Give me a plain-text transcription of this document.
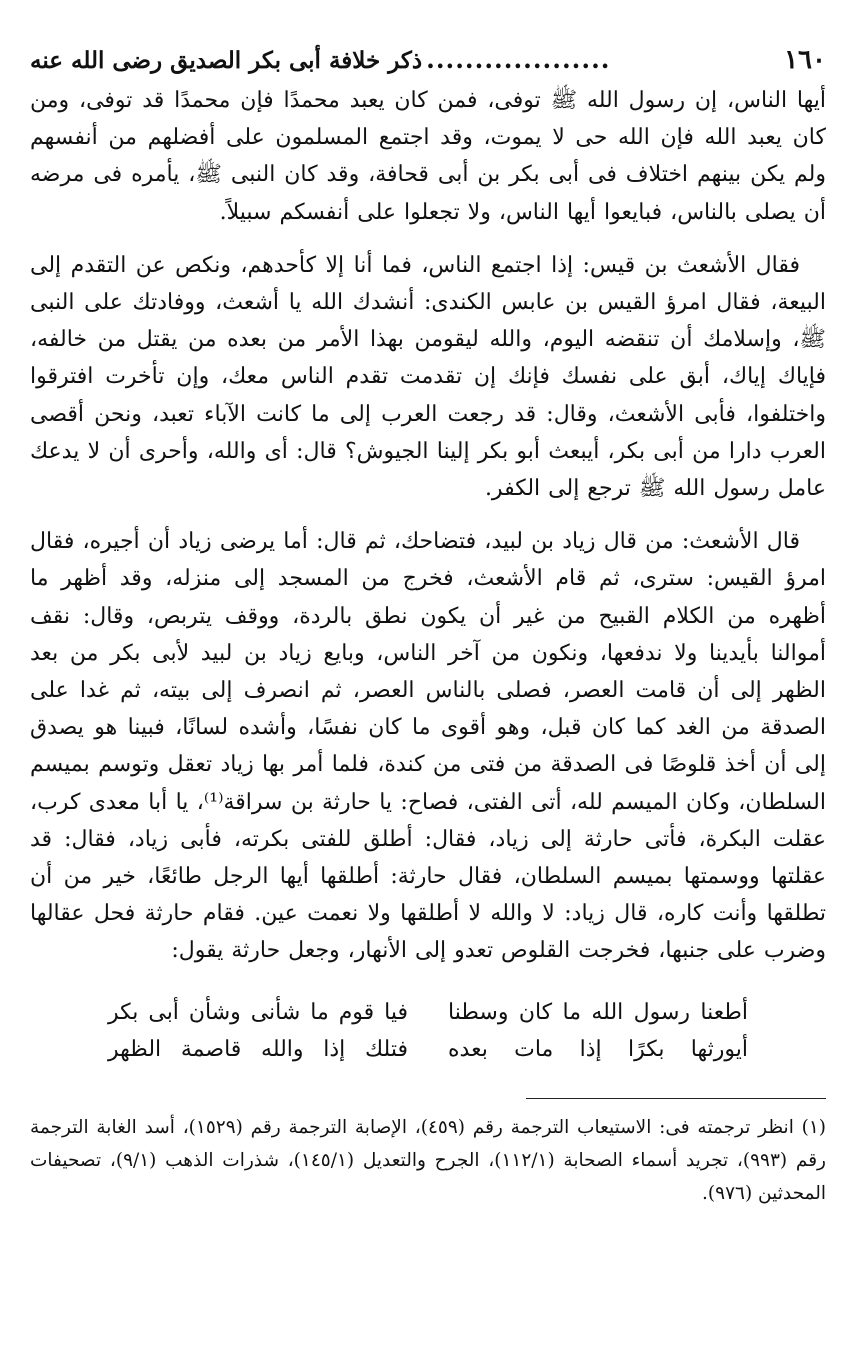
١٦٠
...................
ذكر خلافة أبى بكر الصديق رضى الله عنه

أيها الناس، إن رسول الله ﷺ توفى، فمن كان يعبد محمدًا فإن محمدًا قد توفى، ومن كان يعبد الله فإن الله حى لا يموت، وقد اجتمع المسلمون على أفضلهم من أنفسهم ولم يكن بينهم اختلاف فى أبى بكر بن أبى قحافة، وقد كان النبى ﷺ، يأمره فى مرضه أن يصلى بالناس، فبايعوا أيها الناس، ولا تجعلوا على أنفسكم سبيلاً.

فقال الأشعث بن قيس: إذا اجتمع الناس، فما أنا إلا كأحدهم، ونكص عن التقدم إلى البيعة، فقال امرؤ القيس بن عابس الكندى: أنشدك الله يا أشعث، ووفادتك على النبى ﷺ، وإسلامك أن تنقضه اليوم، والله ليقومن بهذا الأمر من بعده من يقتل من خالفه، فإياك إياك، أبق على نفسك فإنك إن تقدمت تقدم الناس معك، وإن تأخرت افترقوا واختلفوا، فأبى الأشعث، وقال: قد رجعت العرب إلى ما كانت الآباء تعبد، ونحن أقصى العرب دارا من أبى بكر، أيبعث أبو بكر إلينا الجيوش؟ قال: أى والله، وأحرى أن لا يدعك عامل رسول الله ﷺ ترجع إلى الكفر.

قال الأشعث: من قال زياد بن لبيد، فتضاحك، ثم قال: أما يرضى زياد أن أجيره، فقال امرؤ القيس: سترى، ثم قام الأشعث، فخرج من المسجد إلى منزله، وقد أظهر ما أظهره من الكلام القبيح من غير أن يكون نطق بالردة، ووقف يتربص، وقال: نقف أموالنا بأيدينا ولا ندفعها، ونكون من آخر الناس، وبايع زياد بن لبيد لأبى بكر من بعد الظهر إلى أن قامت العصر، فصلى بالناس العصر، ثم انصرف إلى بيته، ثم غدا على الصدقة من الغد كما كان قبل، وهو أقوى ما كان نفسًا، وأشده لسانًا، فبينا هو يصدق إلى أن أخذ قلوصًا فى الصدقة من فتى من كندة، فلما أمر بها زياد تعقل وتوسم بميسم السلطان، وكان الميسم لله، أتى الفتى، فصاح: يا حارثة بن سراقة⁽¹⁾، يا أبا معدى كرب، عقلت البكرة، فأتى حارثة إلى زياد، فقال: أطلق للفتى بكرته، فأبى زياد، فقال: قد عقلتها ووسمتها بميسم السلطان، فقال حارثة: أطلقها أيها الرجل طائعًا، خير من أن تطلقها وأنت كاره، قال زياد: لا والله لا أطلقها ولا نعمت عين. فقام حارثة فحل عقالها وضرب على جنبها، فخرجت القلوص تعدو إلى الأنهار، وجعل حارثة يقول:

أطعنا رسول الله ما كان وسطنا
فيا قوم ما شأنى وشأن أبى بكر
أيورثها بكرًا إذا مات بعده
فتلك إذا والله قاصمة الظهر

(١) انظر ترجمته فى: الاستيعاب الترجمة رقم (٤٥٩)، الإصابة الترجمة رقم (١٥٢٩)، أسد الغابة الترجمة رقم (٩٩٣)، تجريد أسماء الصحابة (١١٢/١)، الجرح والتعديل (١٤٥/١)، شذرات الذهب (٩/١)، تصحيفات المحدثين (٩٧٦).
